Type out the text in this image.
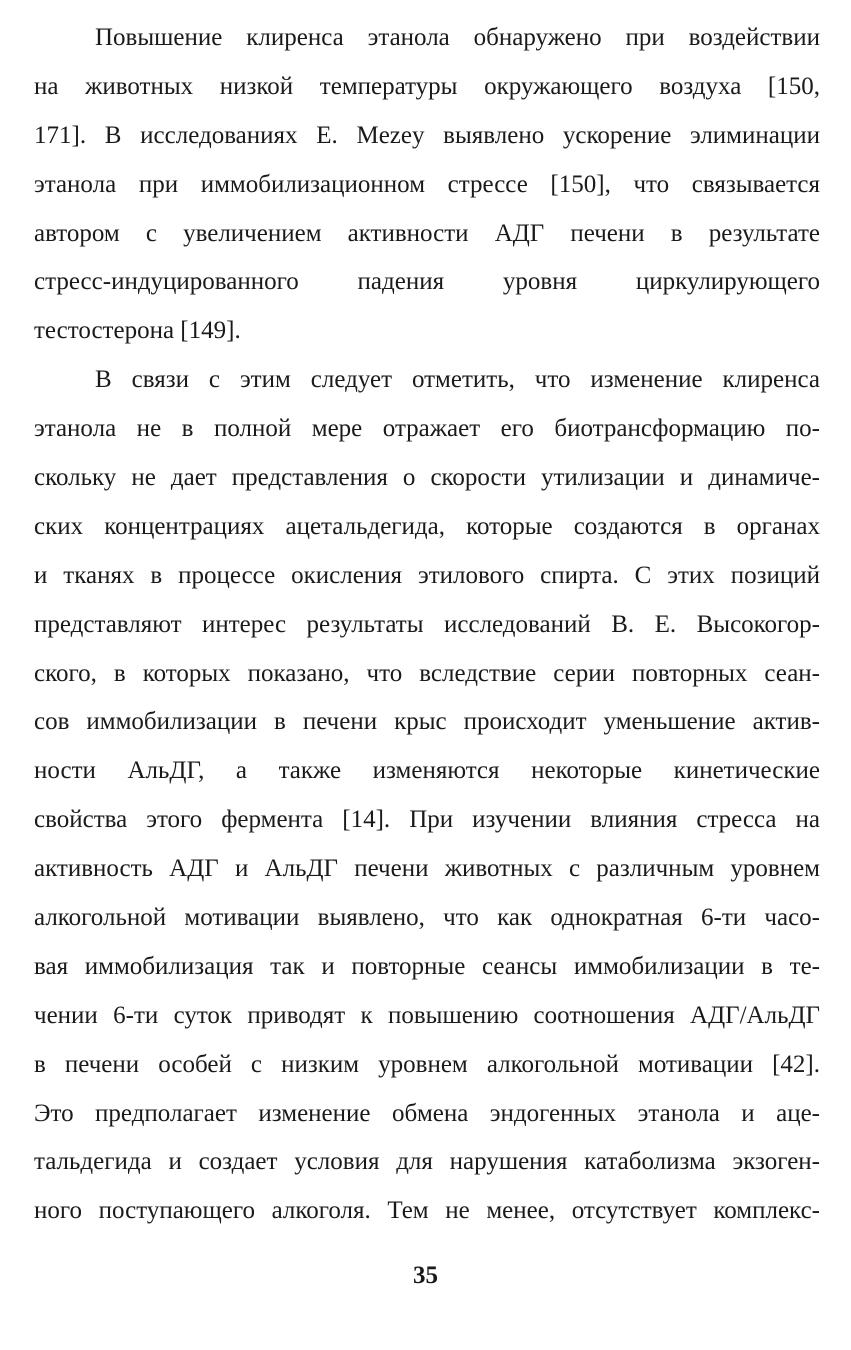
Повышение клиренса этанола обнаружено при воздействии
на животных низкой температуры окружающего воздуха [150,
171]. В исследованиях E. Mezey выявлено ускорение элиминации
этанола при иммобилизационном стрессе [150], что связывается
автором с увеличением активности АДГ печени в результате
стресс-индуцированного падения уровня циркулирующего
тестостерона [149].
В связи с этим следует отметить, что изменение клиренса
этанола не в полной мере отражает его биотрансформацию по-
скольку не дает представления о скорости утилизации и динамиче-
ских концентрациях ацетальдегида, которые создаются в органах
и тканях в процессе окисления этилового спирта. С этих позиций
представляют интерес результаты исследований В. Е. Высокогор-
ского, в которых показано, что вследствие серии повторных сеан-
сов иммобилизации в печени крыс происходит уменьшение актив-
ности АльДГ, а также изменяются некоторые кинетические
свойства этого фермента [14]. При изучении влияния стресса на
активность АДГ и АльДГ печени животных с различным уровнем
алкогольной мотивации выявлено, что как однократная 6-ти часо-
вая иммобилизация так и повторные сеансы иммобилизации в те-
чении 6-ти суток приводят к повышению соотношения АДГ/АльДГ
в печени особей с низким уровнем алкогольной мотивации [42].
Это предполагает изменение обмена эндогенных этанола и аце-
тальдегида и создает условия для нарушения катаболизма экзоген-
ного поступающего алкоголя. Тем не менее, отсутствует комплекс-
35
